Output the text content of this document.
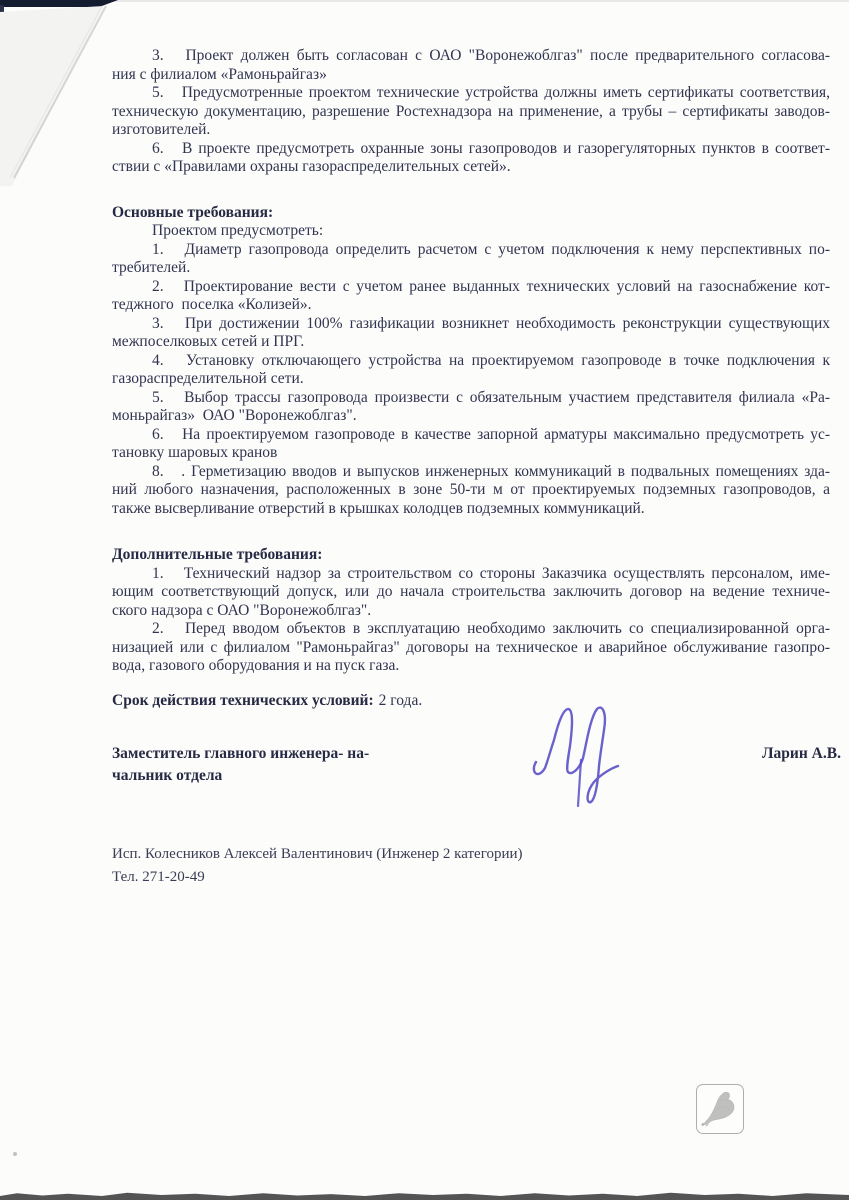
3.   Проект должен быть согласован с ОАО "Воронежоблгаз" после предварительного согласова-
ния с филиалом «Рамоньрайгаз»
5.   Предусмотренные проектом технические устройства должны иметь сертификаты соответствия,
техническую документацию, разрешение Ростехнадзора на применение, а трубы – сертификаты заводов-
изготовителей.
6.   В проекте предусмотреть охранные зоны газопроводов и газорегуляторных пунктов в соответ-
ствии с «Правилами охраны газораспределительных сетей».
Основные требования:
Проектом предусмотреть:
1.   Диаметр газопровода определить расчетом с учетом подключения к нему перспективных по-
требителей.
2.   Проектирование вести с учетом ранее выданных технических условий на газоснабжение кот-
теджного  поселка «Колизей».
3.   При достижении 100% газификации возникнет необходимость реконструкции существующих
межпоселковых сетей и ПРГ.
4.   Установку отключающего устройства на проектируемом газопроводе в точке подключения к
газораспределительной сети.
5.   Выбор трассы газопровода произвести с обязательным участием представителя филиала «Ра-
моньрайгаз»  ОАО "Воронежоблгаз".
6.   На проектируемом газопроводе в качестве запорной арматуры максимально предусмотреть ус-
тановку шаровых кранов
8.   . Герметизацию вводов и выпусков инженерных коммуникаций в подвальных помещениях зда-
ний любого назначения, расположенных в зоне 50-ти м от проектируемых подземных газопроводов, а
также высверливание отверстий в крышках колодцев подземных коммуникаций.
Дополнительные требования:
1.   Технический надзор за строительством со стороны Заказчика осуществлять персоналом, име-
ющим соответствующий допуск, или до начала строительства заключить договор на ведение техниче-
ского надзора с ОАО "Воронежоблгаз".
2.   Перед вводом объектов в эксплуатацию необходимо заключить со специализированной орга-
низацией или с филиалом "Рамоньрайгаз" договоры на техническое и аварийное обслуживание газопро-
вода, газового оборудования и на пуск газа.
Срок действия технических условий: 2 года.
Заместитель главного инженера- на-
чальник отдела
Ларин А.В.
Исп. Колесников Алексей Валентинович (Инженер 2 категории)
Тел. 271-20-49
